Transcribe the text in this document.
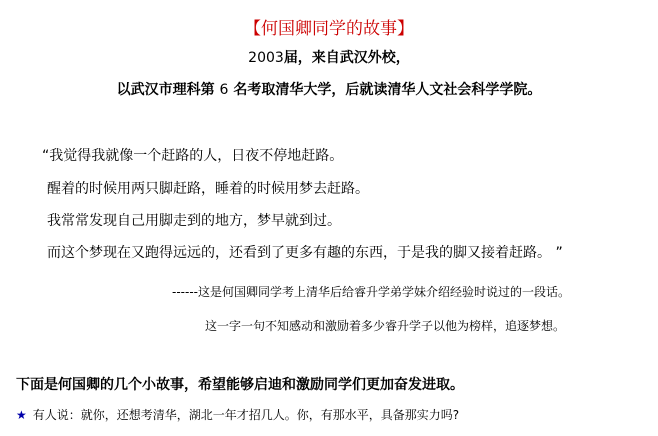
【何国卿同学的故事】
2003届，来自武汉外校，
以武汉市理科第 6 名考取清华大学，后就读清华人文社会科学学院。
“我觉得我就像一个赶路的人，日夜不停地赶路。
醒着的时候用两只脚赶路，睡着的时候用梦去赶路。
我常常发现自己用脚走到的地方，梦早就到过。
而这个梦现在又跑得远远的，还看到了更多有趣的东西，于是我的脚又接着赶路。 ”
------这是何国卿同学考上清华后给睿升学弟学妹介绍经验时说过的一段话。
这一字一句不知感动和激励着多少睿升学子以他为榜样，追逐梦想。
下面是何国卿的几个小故事，希望能够启迪和激励同学们更加奋发进取。
★ 有人说：就你，还想考清华，湖北一年才招几人。你，有那水平，具备那实力吗?
